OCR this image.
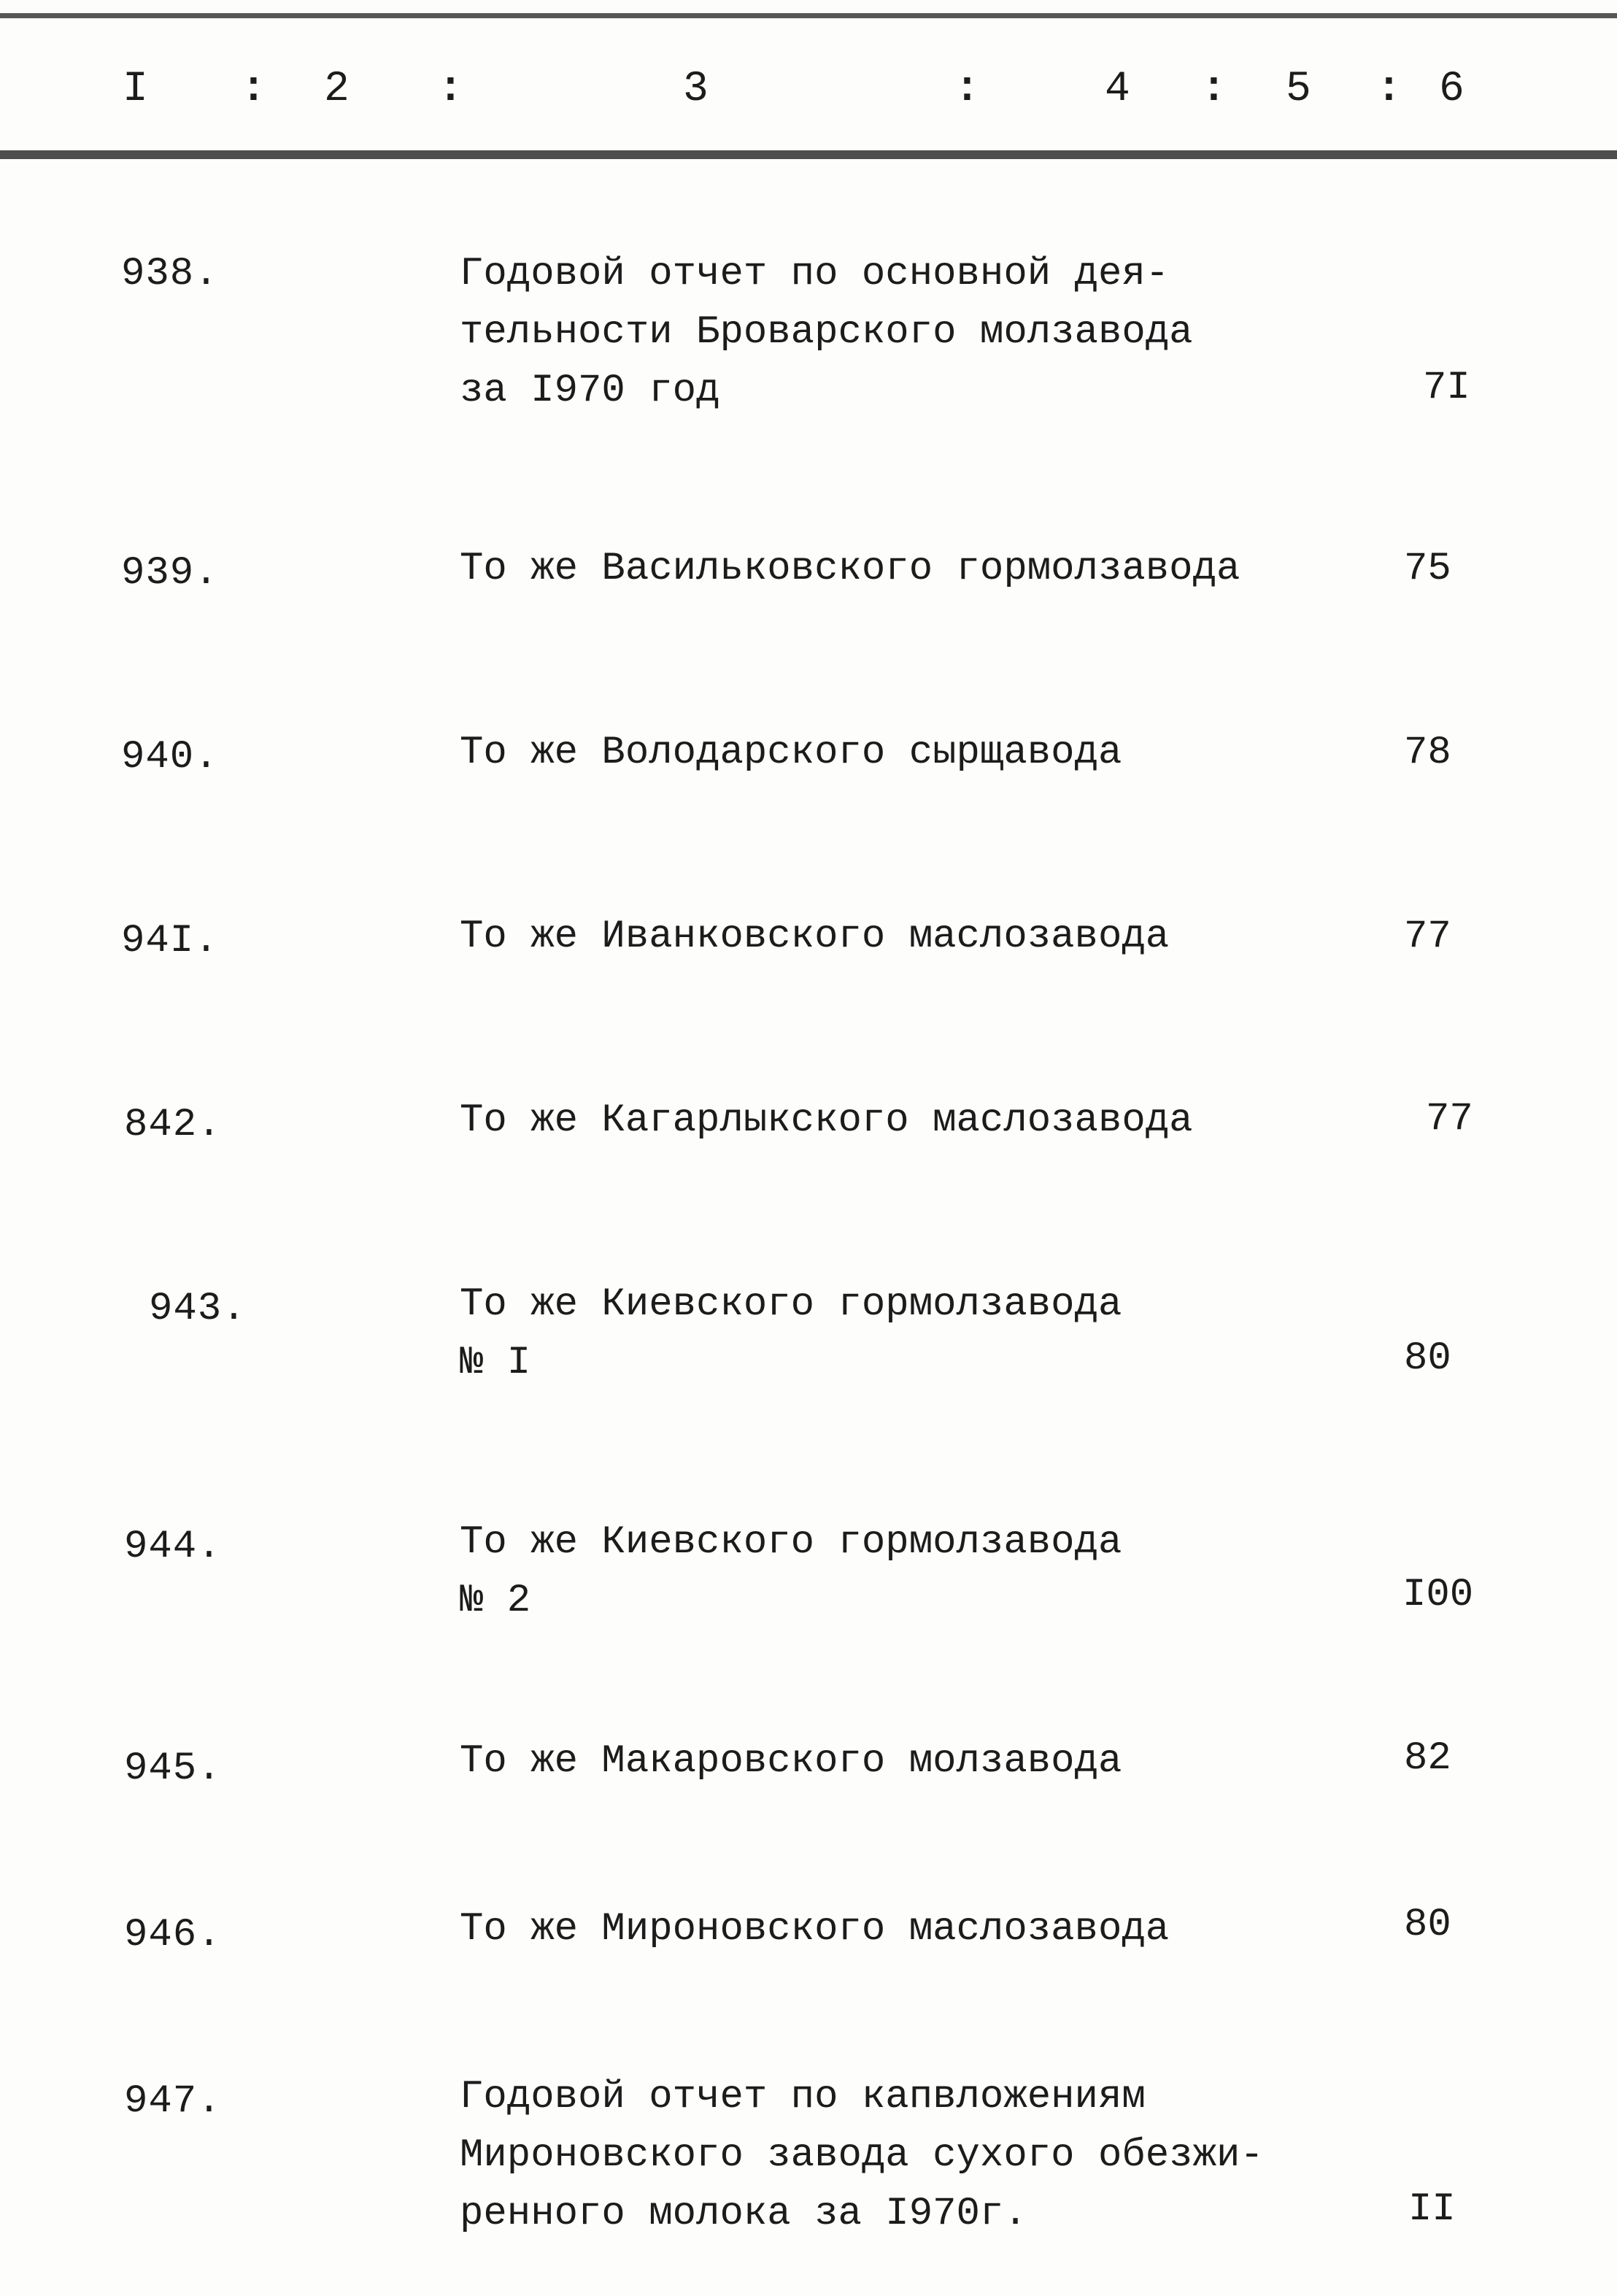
I : 2 :	3	:	4 : 5 : 6
938.	Годовой отчет по основной дея-
тельности Броварского молзавода
за I970 год	7I
939.	То же Васильковского гормолзавода	75
940.	То же Володарского сырщавода	78
94I.	То же Иванковского маслозавода	77
842.	То же Кагарлыкского маслозавода	77
943.	То же Киевского гормолзавода
№ I	80
944.	То же Киевского гормолзавода
№ 2	I00
945.	То же Макаровского молзавода	82
946.	То же Мироновского маслозавода	80
947.	Годовой отчет по капвложениям
Мироновского завода сухого обезжи-
ренного молока за I970г.	II
